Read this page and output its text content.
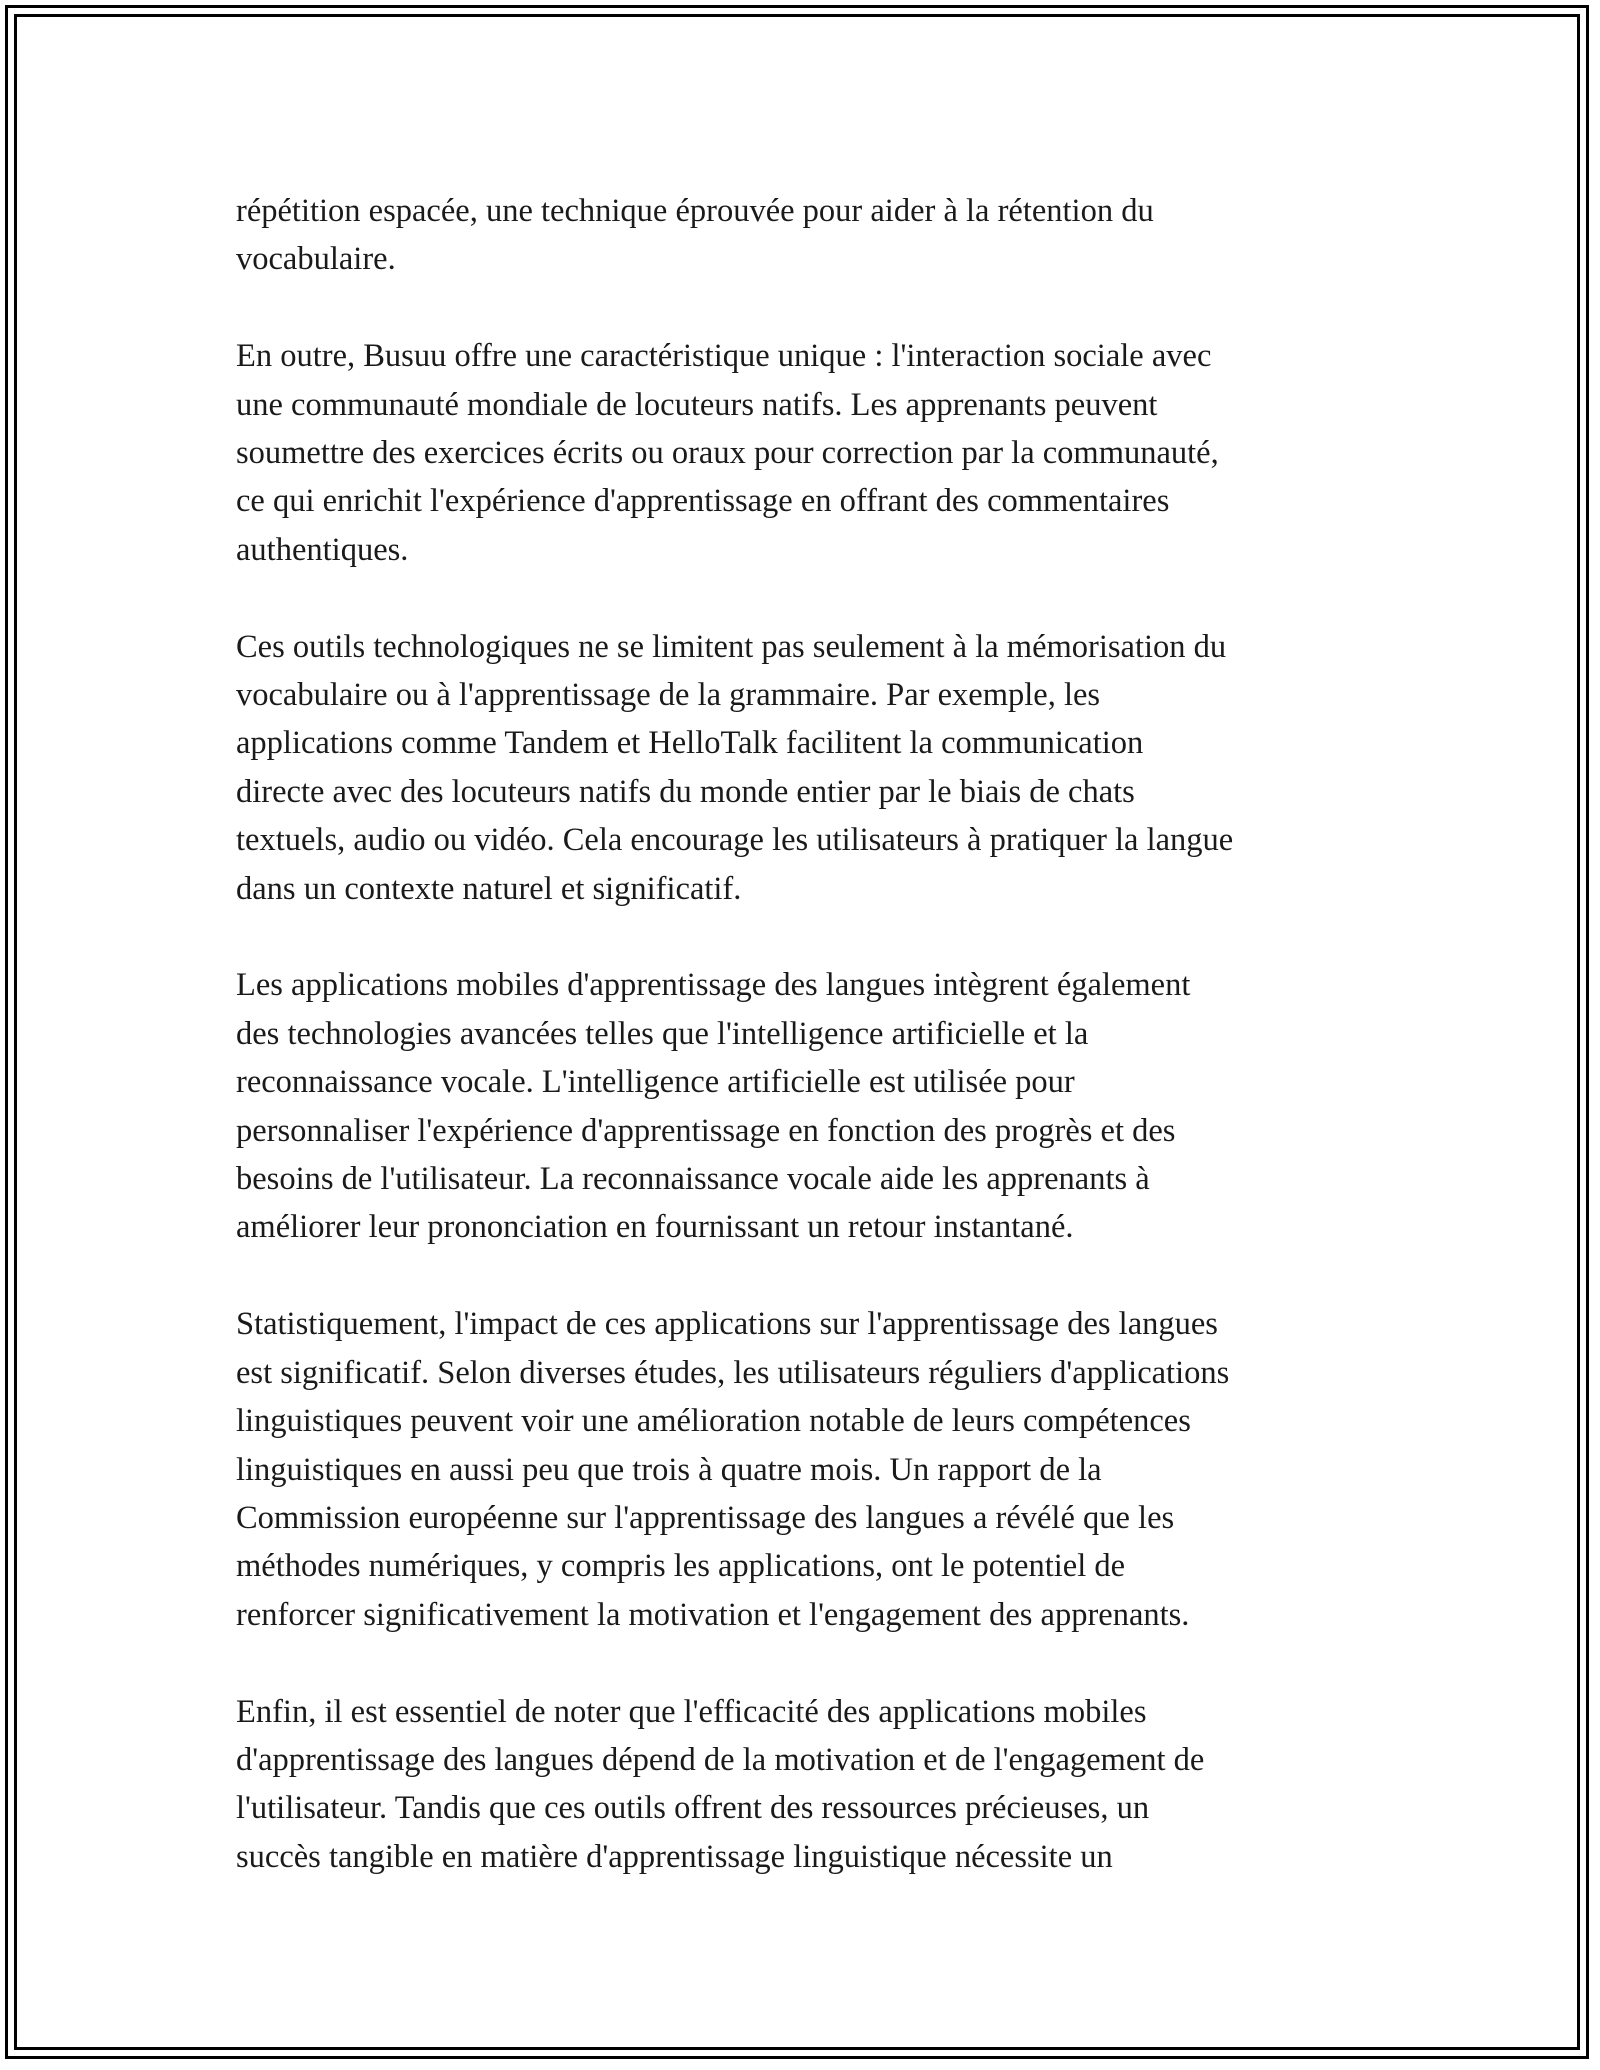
répétition espacée, une technique éprouvée pour aider à la rétention du
vocabulaire.

En outre, Busuu offre une caractéristique unique : l'interaction sociale avec
une communauté mondiale de locuteurs natifs. Les apprenants peuvent
soumettre des exercices écrits ou oraux pour correction par la communauté,
ce qui enrichit l'expérience d'apprentissage en offrant des commentaires
authentiques.

Ces outils technologiques ne se limitent pas seulement à la mémorisation du
vocabulaire ou à l'apprentissage de la grammaire. Par exemple, les
applications comme Tandem et HelloTalk facilitent la communication
directe avec des locuteurs natifs du monde entier par le biais de chats
textuels, audio ou vidéo. Cela encourage les utilisateurs à pratiquer la langue
dans un contexte naturel et significatif.

Les applications mobiles d'apprentissage des langues intègrent également
des technologies avancées telles que l'intelligence artificielle et la
reconnaissance vocale. L'intelligence artificielle est utilisée pour
personnaliser l'expérience d'apprentissage en fonction des progrès et des
besoins de l'utilisateur. La reconnaissance vocale aide les apprenants à
améliorer leur prononciation en fournissant un retour instantané.

Statistiquement, l'impact de ces applications sur l'apprentissage des langues
est significatif. Selon diverses études, les utilisateurs réguliers d'applications
linguistiques peuvent voir une amélioration notable de leurs compétences
linguistiques en aussi peu que trois à quatre mois. Un rapport de la
Commission européenne sur l'apprentissage des langues a révélé que les
méthodes numériques, y compris les applications, ont le potentiel de
renforcer significativement la motivation et l'engagement des apprenants.

Enfin, il est essentiel de noter que l'efficacité des applications mobiles
d'apprentissage des langues dépend de la motivation et de l'engagement de
l'utilisateur. Tandis que ces outils offrent des ressources précieuses, un
succès tangible en matière d'apprentissage linguistique nécessite un
